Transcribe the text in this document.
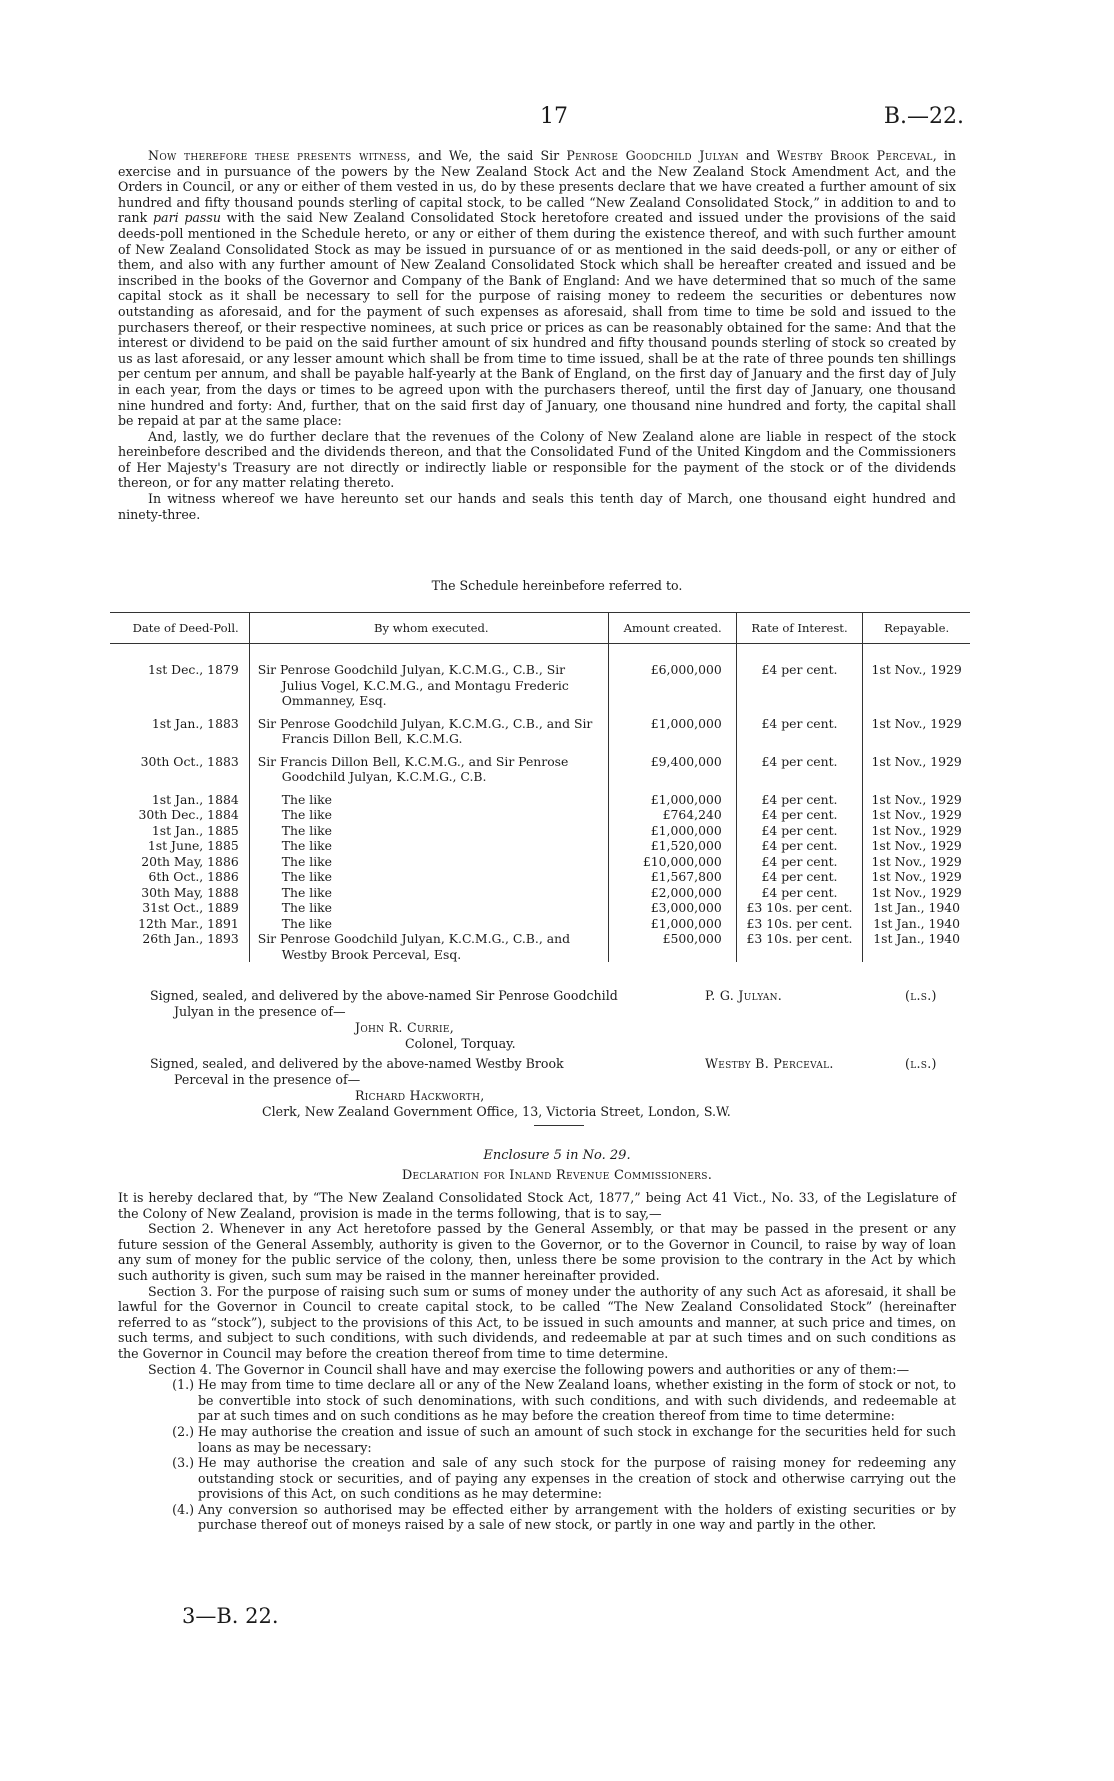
17	B.—22.

Now therefore these presents witness, and We, the said Sir Penrose Goodchild Julyan and Westby Brook Perceval, in exercise and in pursuance of the powers by the New Zealand Stock Act and the New Zealand Stock Amendment Act, and the Orders in Council, or any or either of them vested in us, do by these presents declare that we have created a further amount of six hundred and fifty thousand pounds sterling of capital stock, to be called “New Zealand Consolidated Stock,” in addition to and to rank pari passu with the said New Zealand Consolidated Stock heretofore created and issued under the provisions of the said deeds-poll mentioned in the Schedule hereto, or any or either of them during the existence thereof, and with such further amount of New Zealand Consolidated Stock as may be issued in pursuance of or as mentioned in the said deeds-poll, or any or either of them, and also with any further amount of New Zealand Consolidated Stock which shall be hereafter created and issued and be inscribed in the books of the Governor and Company of the Bank of England: And we have determined that so much of the same capital stock as it shall be necessary to sell for the purpose of raising money to redeem the securities or debentures now outstanding as aforesaid, and for the payment of such expenses as aforesaid, shall from time to time be sold and issued to the purchasers thereof, or their respective nominees, at such price or prices as can be reasonably obtained for the same: And that the interest or dividend to be paid on the said further amount of six hundred and fifty thousand pounds sterling of stock so created by us as last aforesaid, or any lesser amount which shall be from time to time issued, shall be at the rate of three pounds ten shillings per centum per annum, and shall be payable half-yearly at the Bank of England, on the first day of January and the first day of July in each year, from the days or times to be agreed upon with the purchasers thereof, until the first day of January, one thousand nine hundred and forty: And, further, that on the said first day of January, one thousand nine hundred and forty, the capital shall be repaid at par at the same place:

And, lastly, we do further declare that the revenues of the Colony of New Zealand alone are liable in respect of the stock hereinbefore described and the dividends thereon, and that the Consolidated Fund of the United Kingdom and the Commissioners of Her Majesty's Treasury are not directly or indirectly liable or responsible for the payment of the stock or of the dividends thereon, or for any matter relating thereto.

In witness whereof we have hereunto set our hands and seals this tenth day of March, one thousand eight hundred and ninety-three.

The Schedule hereinbefore referred to.
Date of Deed-Poll.	By whom executed.	Amount created.	Rate of Interest.	Repayable.

1st Dec., 1879	Sir Penrose Goodchild Julyan, K.C.M.G., C.B., Sir Julius Vogel, K.C.M.G., and Montagu Frederic Ommanney, Esq.	£6,000,000	£4 per cent.	1st Nov., 1929
1st Jan., 1883	Sir Penrose Goodchild Julyan, K.C.M.G., C.B., and Sir Francis Dillon Bell, K.C.M.G.	£1,000,000	£4 per cent.	1st Nov., 1929
30th Oct., 1883	Sir Francis Dillon Bell, K.C.M.G., and Sir Penrose Goodchild Julyan, K.C.M.G., C.B.	£9,400,000	£4 per cent.	1st Nov., 1929
1st Jan., 1884	The like	£1,000,000	£4 per cent.	1st Nov., 1929
30th Dec., 1884	The like	£764,240	£4 per cent.	1st Nov., 1929
1st Jan., 1885	The like	£1,000,000	£4 per cent.	1st Nov., 1929
1st June, 1885	The like	£1,520,000	£4 per cent.	1st Nov., 1929
20th May, 1886	The like	£10,000,000	£4 per cent.	1st Nov., 1929
6th Oct., 1886	The like	£1,567,800	£4 per cent.	1st Nov., 1929
30th May, 1888	The like	£2,000,000	£4 per cent.	1st Nov., 1929
31st Oct., 1889	The like	£3,000,000	£3 10s. per cent.	1st Jan., 1940
12th Mar., 1891	The like	£1,000,000	£3 10s. per cent.	1st Jan., 1940
26th Jan., 1893	Sir Penrose Goodchild Julyan, K.C.M.G., C.B., and Westby Brook Perceval, Esq.	£500,000	£3 10s. per cent.	1st Jan., 1940
Signed, sealed, and delivered by the above-named Sir Penrose Goodchild Julyan in the presence of—
P. G. Julyan.	(l.s.)
John R. Currie,
Colonel, Torquay.
Signed, sealed, and delivered by the above-named Westby Brook Perceval in the presence of—
Westby B. Perceval.	(l.s.)
Richard Hackworth,
Clerk, New Zealand Government Office, 13, Victoria Street, London, S.W.
Enclosure 5 in No. 29.
Declaration for Inland Revenue Commissioners.

It is hereby declared that, by “The New Zealand Consolidated Stock Act, 1877,” being Act 41 Vict., No. 33, of the Legislature of the Colony of New Zealand, provision is made in the terms following, that is to say,—

Section 2. Whenever in any Act heretofore passed by the General Assembly, or that may be passed in the present or any future session of the General Assembly, authority is given to the Governor, or to the Governor in Council, to raise by way of loan any sum of money for the public service of the colony, then, unless there be some provision to the contrary in the Act by which such authority is given, such sum may be raised in the manner hereinafter provided.

Section 3. For the purpose of raising such sum or sums of money under the authority of any such Act as aforesaid, it shall be lawful for the Governor in Council to create capital stock, to be called “The New Zealand Consolidated Stock” (hereinafter referred to as “stock”), subject to the provisions of this Act, to be issued in such amounts and manner, at such price and times, on such terms, and subject to such conditions, with such dividends, and redeemable at par at such times and on such conditions as the Governor in Council may before the creation thereof from time to time determine.

Section 4. The Governor in Council shall have and may exercise the following powers and authorities or any of them:—

(1.) He may from time to time declare all or any of the New Zealand loans, whether existing in the form of stock or not, to be convertible into stock of such denominations, with such conditions, and with such dividends, and redeemable at par at such times and on such conditions as he may before the creation thereof from time to time determine:
(2.) He may authorise the creation and issue of such an amount of such stock in exchange for the securities held for such loans as may be necessary:
(3.) He may authorise the creation and sale of any such stock for the purpose of raising money for redeeming any outstanding stock or securities, and of paying any expenses in the creation of stock and otherwise carrying out the provisions of this Act, on such conditions as he may determine:
(4.) Any conversion so authorised may be effected either by arrangement with the holders of existing securities or by purchase thereof out of moneys raised by a sale of new stock, or partly in one way and partly in the other.
3—B. 22.
